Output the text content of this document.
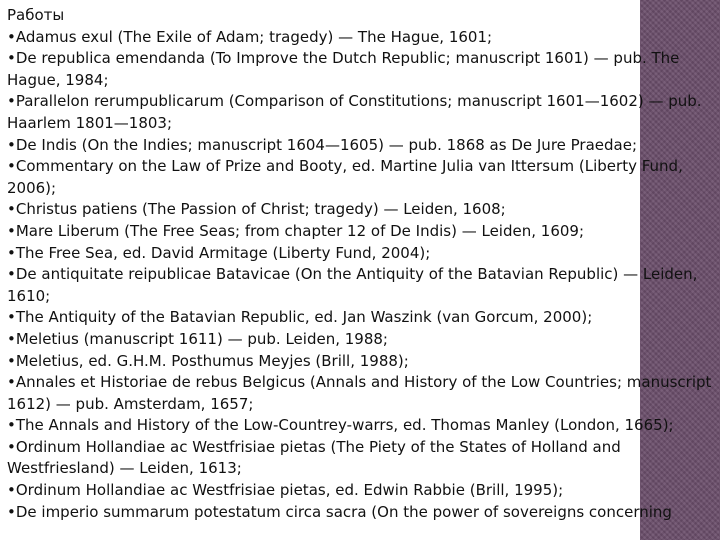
Работы
•Adamus exul (The Exile of Adam; tragedy) — The Hague, 1601;
•De republica emendanda (To Improve the Dutch Republic; manuscript 1601) — pub. The Hague, 1984;
•Parallelon rerumpublicarum (Comparison of Constitutions; manuscript 1601—1602) — pub. Haarlem 1801—1803;
•De Indis (On the Indies; manuscript 1604—1605) — pub. 1868 as De Jure Praedae;
•Commentary on the Law of Prize and Booty, ed. Martine Julia van Ittersum (Liberty Fund, 2006);
•Christus patiens (The Passion of Christ; tragedy) — Leiden, 1608;
•Mare Liberum (The Free Seas; from chapter 12 of De Indis) — Leiden, 1609;
•The Free Sea, ed. David Armitage (Liberty Fund, 2004);
•De antiquitate reipublicae Batavicae (On the Antiquity of the Batavian Republic) — Leiden, 1610;
•The Antiquity of the Batavian Republic, ed. Jan Waszink (van Gorcum, 2000);
•Meletius (manuscript 1611) — pub. Leiden, 1988;
•Meletius, ed. G.H.M. Posthumus Meyjes (Brill, 1988);
•Annales et Historiae de rebus Belgicus (Annals and History of the Low Countries; manuscript 1612) — pub. Amsterdam, 1657;
•The Annals and History of the Low-Countrey-warrs, ed. Thomas Manley (London, 1665);
•Ordinum Hollandiae ac Westfrisiae pietas (The Piety of the States of Holland and Westfriesland) — Leiden, 1613;
•Ordinum Hollandiae ac Westfrisiae pietas, ed. Edwin Rabbie (Brill, 1995);
•De imperio summarum potestatum circa sacra (On the power of sovereigns concerning
